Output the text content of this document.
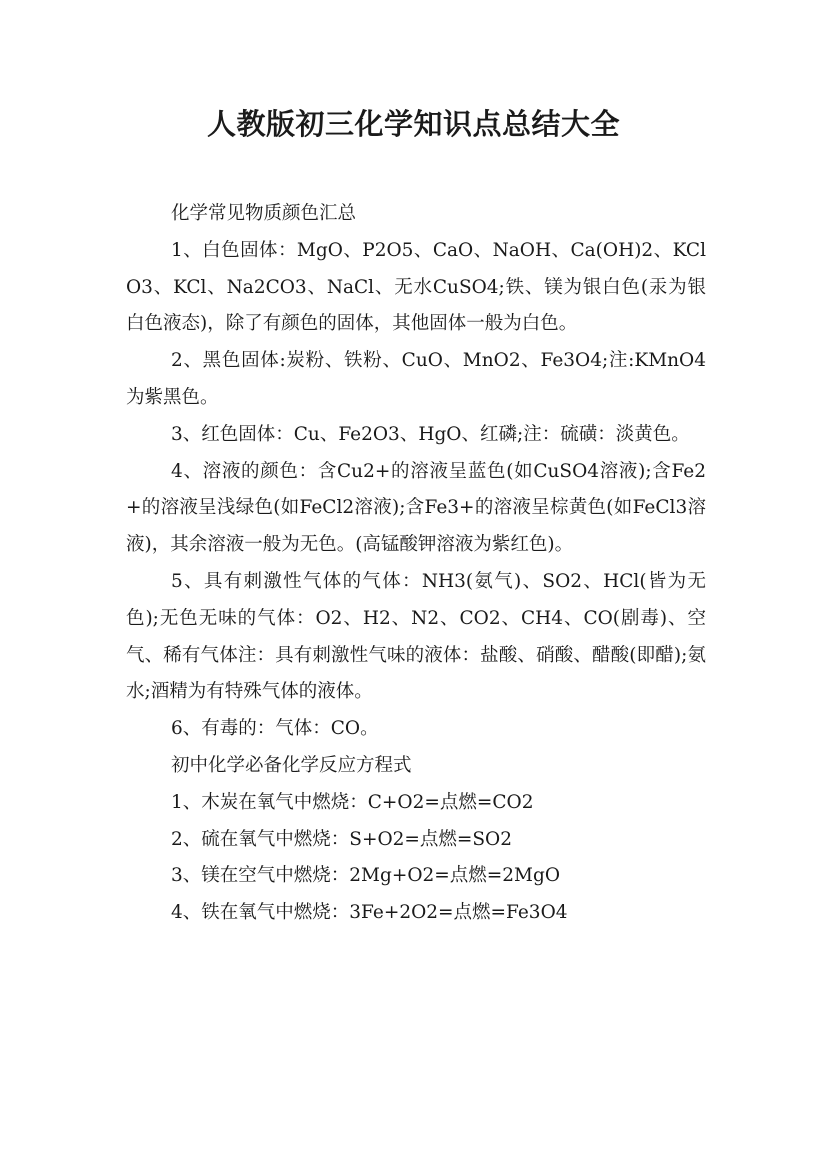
人教版初三化学知识点总结大全

化学常见物质颜色汇总

1、白色固体：MgO、P2O5、CaO、NaOH、Ca(OH)2、KClO3、KCl、Na2CO3、NaCl、无水CuSO4;铁、镁为银白色(汞为银白色液态)，除了有颜色的固体，其他固体一般为白色。

2、黑色固体:炭粉、铁粉、CuO、MnO2、Fe3O4;注:KMnO4为紫黑色。

3、红色固体：Cu、Fe2O3、HgO、红磷;注：硫磺：淡黄色。

4、溶液的颜色：含Cu2+的溶液呈蓝色(如CuSO4溶液);含Fe2+的溶液呈浅绿色(如FeCl2溶液);含Fe3+的溶液呈棕黄色(如FeCl3溶液)，其余溶液一般为无色。(高锰酸钾溶液为紫红色)。

5、具有刺激性气体的气体：NH3(氨气)、SO2、HCl(皆为无色);无色无味的气体：O2、H2、N2、CO2、CH4、CO(剧毒)、空气、稀有气体注：具有刺激性气味的液体：盐酸、硝酸、醋酸(即醋);氨水;酒精为有特殊气体的液体。

6、有毒的：气体：CO。

初中化学必备化学反应方程式

1、木炭在氧气中燃烧：C+O2=点燃=CO2

2、硫在氧气中燃烧：S+O2=点燃=SO2

3、镁在空气中燃烧：2Mg+O2=点燃=2MgO

4、铁在氧气中燃烧：3Fe+2O2=点燃=Fe3O4
